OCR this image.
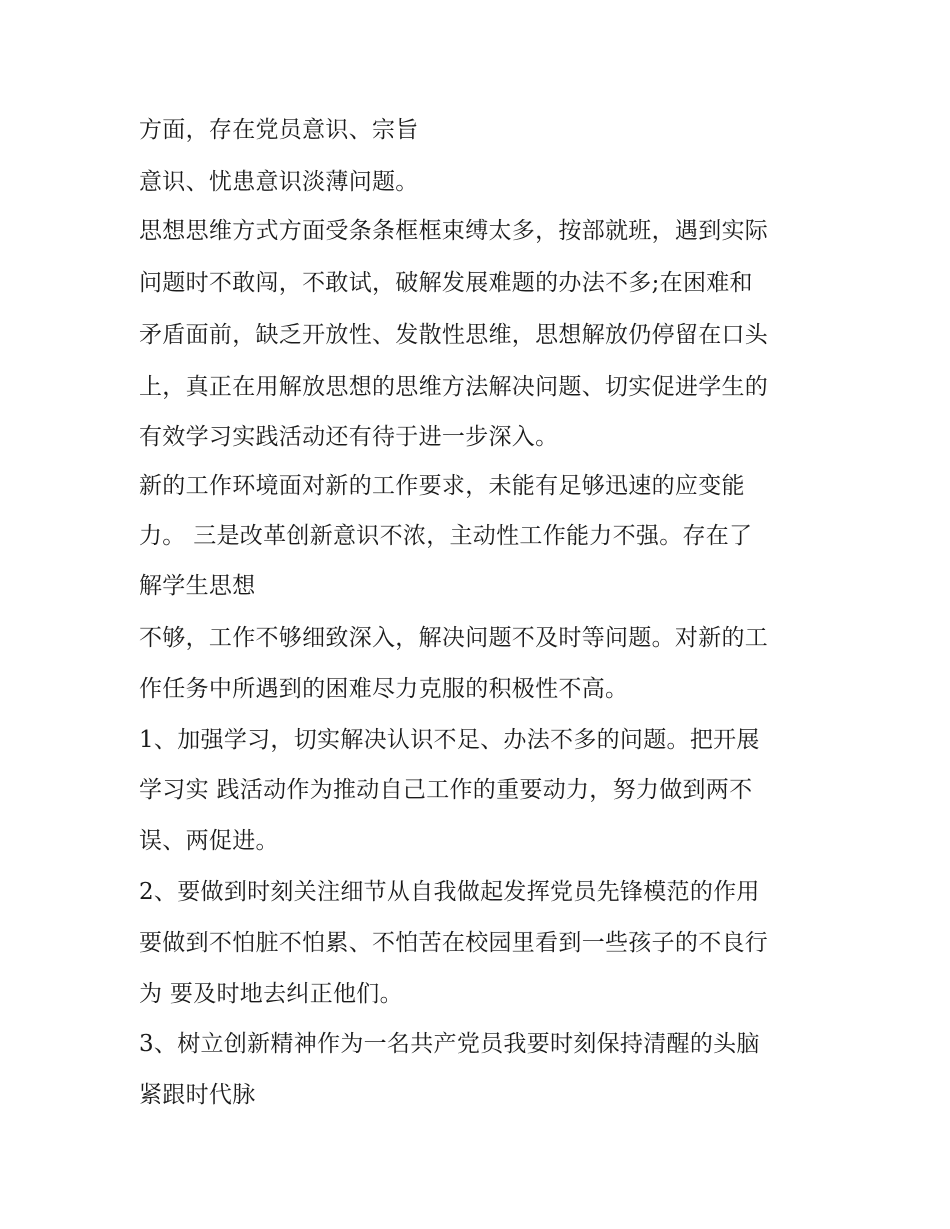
方面，存在党员意识、宗旨

意识、忧患意识淡薄问题。

思想思维方式方面受条条框框束缚太多，按部就班，遇到实际

问题时不敢闯，不敢试，破解发展难题的办法不多;在困难和

矛盾面前，缺乏开放性、发散性思维，思想解放仍停留在口头

上，真正在用解放思想的思维方法解决问题、切实促进学生的

有效学习实践活动还有待于进一步深入。

新的工作环境面对新的工作要求，未能有足够迅速的应变能

力。 三是改革创新意识不浓，主动性工作能力不强。存在了

解学生思想

不够，工作不够细致深入，解决问题不及时等问题。对新的工

作任务中所遇到的困难尽力克服的积极性不高。

1、加强学习，切实解决认识不足、办法不多的问题。把开展

学习实 践活动作为推动自己工作的重要动力，努力做到两不

误、两促进。

2、要做到时刻关注细节从自我做起发挥党员先锋模范的作用

要做到不怕脏不怕累、不怕苦在校园里看到一些孩子的不良行

为 要及时地去纠正他们。

3、树立创新精神作为一名共产党员我要时刻保持清醒的头脑

紧跟时代脉
